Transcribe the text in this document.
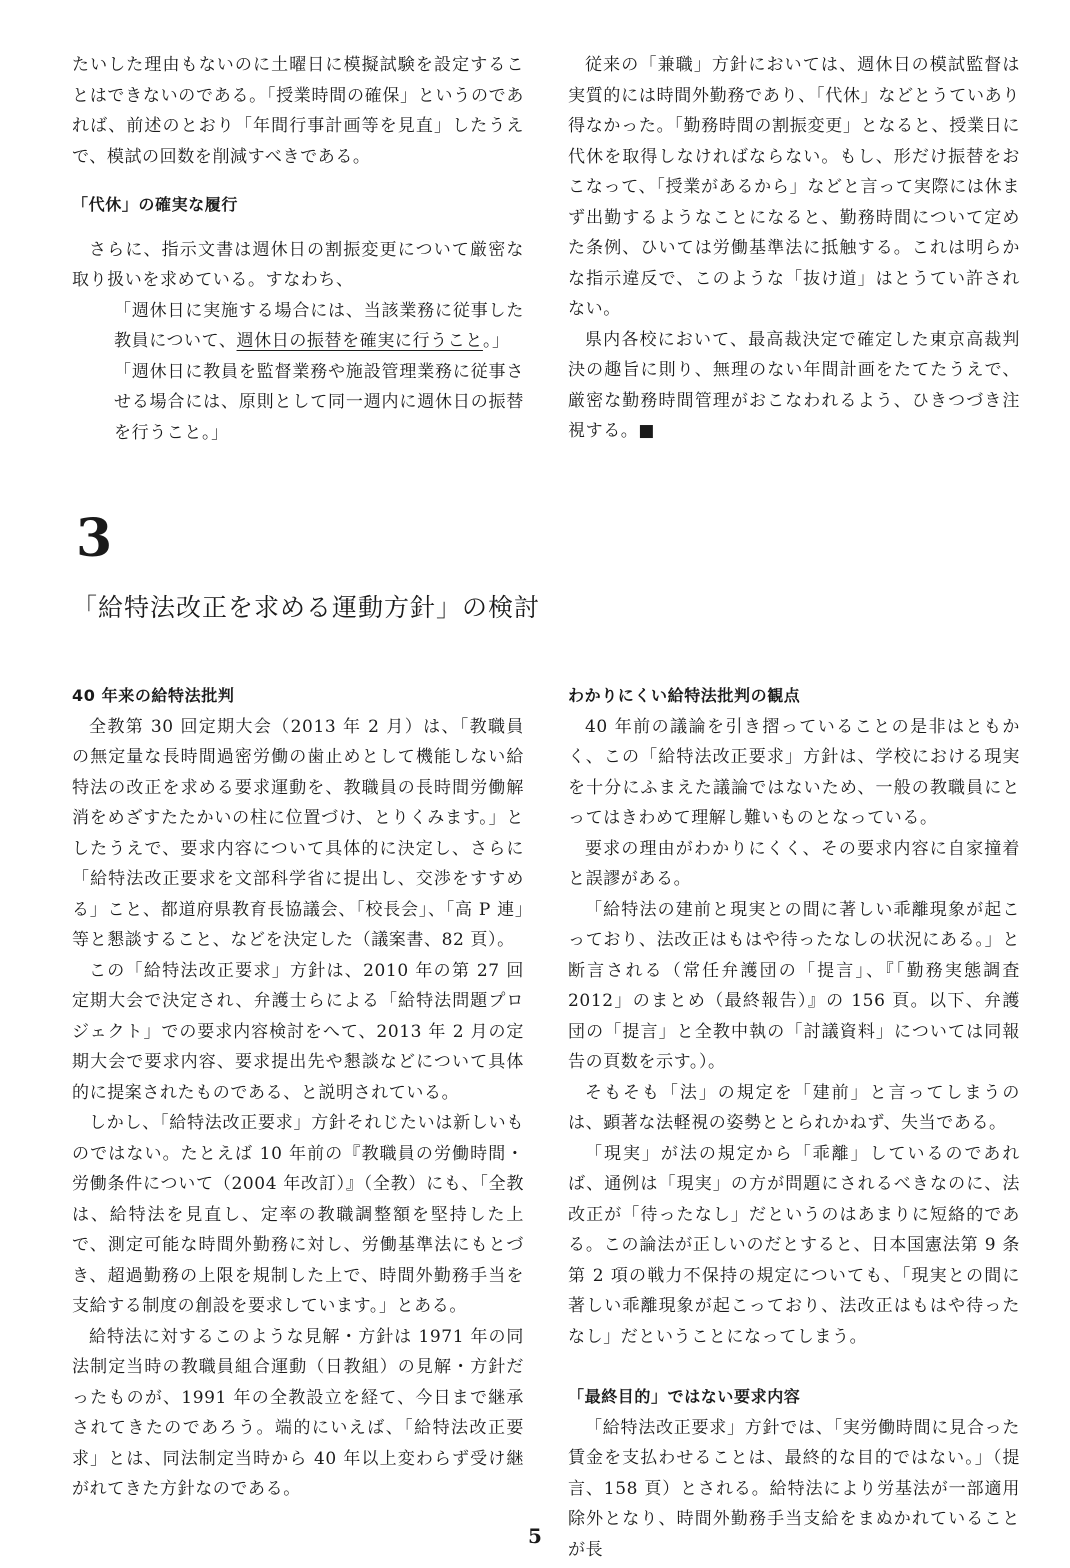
たいした理由もないのに土曜日に模擬試験を設定することはできないのである。「授業時間の確保」というのであれば、前述のとおり「年間行事計画等を見直」したうえで、模試の回数を削減すべきである。

「代休」の確実な履行

さらに、指示文書は週休日の割振変更について厳密な取り扱いを求めている。すなわち、

「週休日に実施する場合には、当該業務に従事した教員について、週休日の振替を確実に行うこと。」

「週休日に教員を監督業務や施設管理業務に従事させる場合には、原則として同一週内に週休日の振替を行うこと。」

従来の「兼職」方針においては、週休日の模試監督は実質的には時間外勤務であり、「代休」などとうていあり得なかった。「勤務時間の割振変更」となると、授業日に代休を取得しなければならない。もし、形だけ振替をおこなって、「授業があるから」などと言って実際には休まず出勤するようなことになると、勤務時間について定めた条例、ひいては労働基準法に抵触する。これは明らかな指示違反で、このような「抜け道」はとうてい許されない。

県内各校において、最高裁決定で確定した東京高裁判決の趣旨に則り、無理のない年間計画をたてたうえで、厳密な勤務時間管理がおこなわれるよう、ひきつづき注視する。■

3
「給特法改正を求める運動方針」の検討

40 年来の給特法批判

全教第 30 回定期大会（2013 年 2 月）は、「教職員の無定量な長時間過密労働の歯止めとして機能しない給特法の改正を求める要求運動を、教職員の長時間労働解消をめざすたたかいの柱に位置づけ、とりくみます。」としたうえで、要求内容について具体的に決定し、さらに「給特法改正要求を文部科学省に提出し、交渉をすすめる」こと、都道府県教育長協議会、「校長会」、「高 P 連」等と懇談すること、などを決定した（議案書、82 頁）。

この「給特法改正要求」方針は、2010 年の第 27 回定期大会で決定され、弁護士らによる「給特法問題プロジェクト」での要求内容検討をへて、2013 年 2 月の定期大会で要求内容、要求提出先や懇談などについて具体的に提案されたものである、と説明されている。

しかし、「給特法改正要求」方針それじたいは新しいものではない。たとえば 10 年前の『教職員の労働時間・労働条件について（2004 年改訂）』（全教）にも、「全教は、給特法を見直し、定率の教職調整額を堅持した上で、測定可能な時間外勤務に対し、労働基準法にもとづき、超過勤務の上限を規制した上で、時間外勤務手当を支給する制度の創設を要求しています。」とある。

給特法に対するこのような見解・方針は 1971 年の同法制定当時の教職員組合運動（日教組）の見解・方針だったものが、1991 年の全教設立を経て、今日まで継承されてきたのであろう。端的にいえば、「給特法改正要求」とは、同法制定当時から 40 年以上変わらず受け継がれてきた方針なのである。

わかりにくい給特法批判の観点

40 年前の議論を引き摺っていることの是非はともかく、この「給特法改正要求」方針は、学校における現実を十分にふまえた議論ではないため、一般の教職員にとってはきわめて理解し難いものとなっている。

要求の理由がわかりにくく、その要求内容に自家撞着と誤謬がある。

「給特法の建前と現実との間に著しい乖離現象が起こっており、法改正はもはや待ったなしの状況にある。」と断言される（常任弁護団の「提言」、『「勤務実態調査 2012」のまとめ（最終報告）』の 156 頁。以下、弁護団の「提言」と全教中執の「討議資料」については同報告の頁数を示す。）。

そもそも「法」の規定を「建前」と言ってしまうのは、顕著な法軽視の姿勢ととられかねず、失当である。

「現実」が法の規定から「乖離」しているのであれば、通例は「現実」の方が問題にされるべきなのに、法改正が「待ったなし」だというのはあまりに短絡的である。この論法が正しいのだとすると、日本国憲法第 9 条第 2 項の戦力不保持の規定についても、「現実との間に著しい乖離現象が起こっており、法改正はもはや待ったなし」だということになってしまう。

「最終目的」ではない要求内容

「給特法改正要求」方針では、「実労働時間に見合った賃金を支払わせることは、最終的な目的ではない。」（提言、158 頁）とされる。給特法により労基法が一部適用除外となり、時間外勤務手当支給をまぬかれていることが長

5
